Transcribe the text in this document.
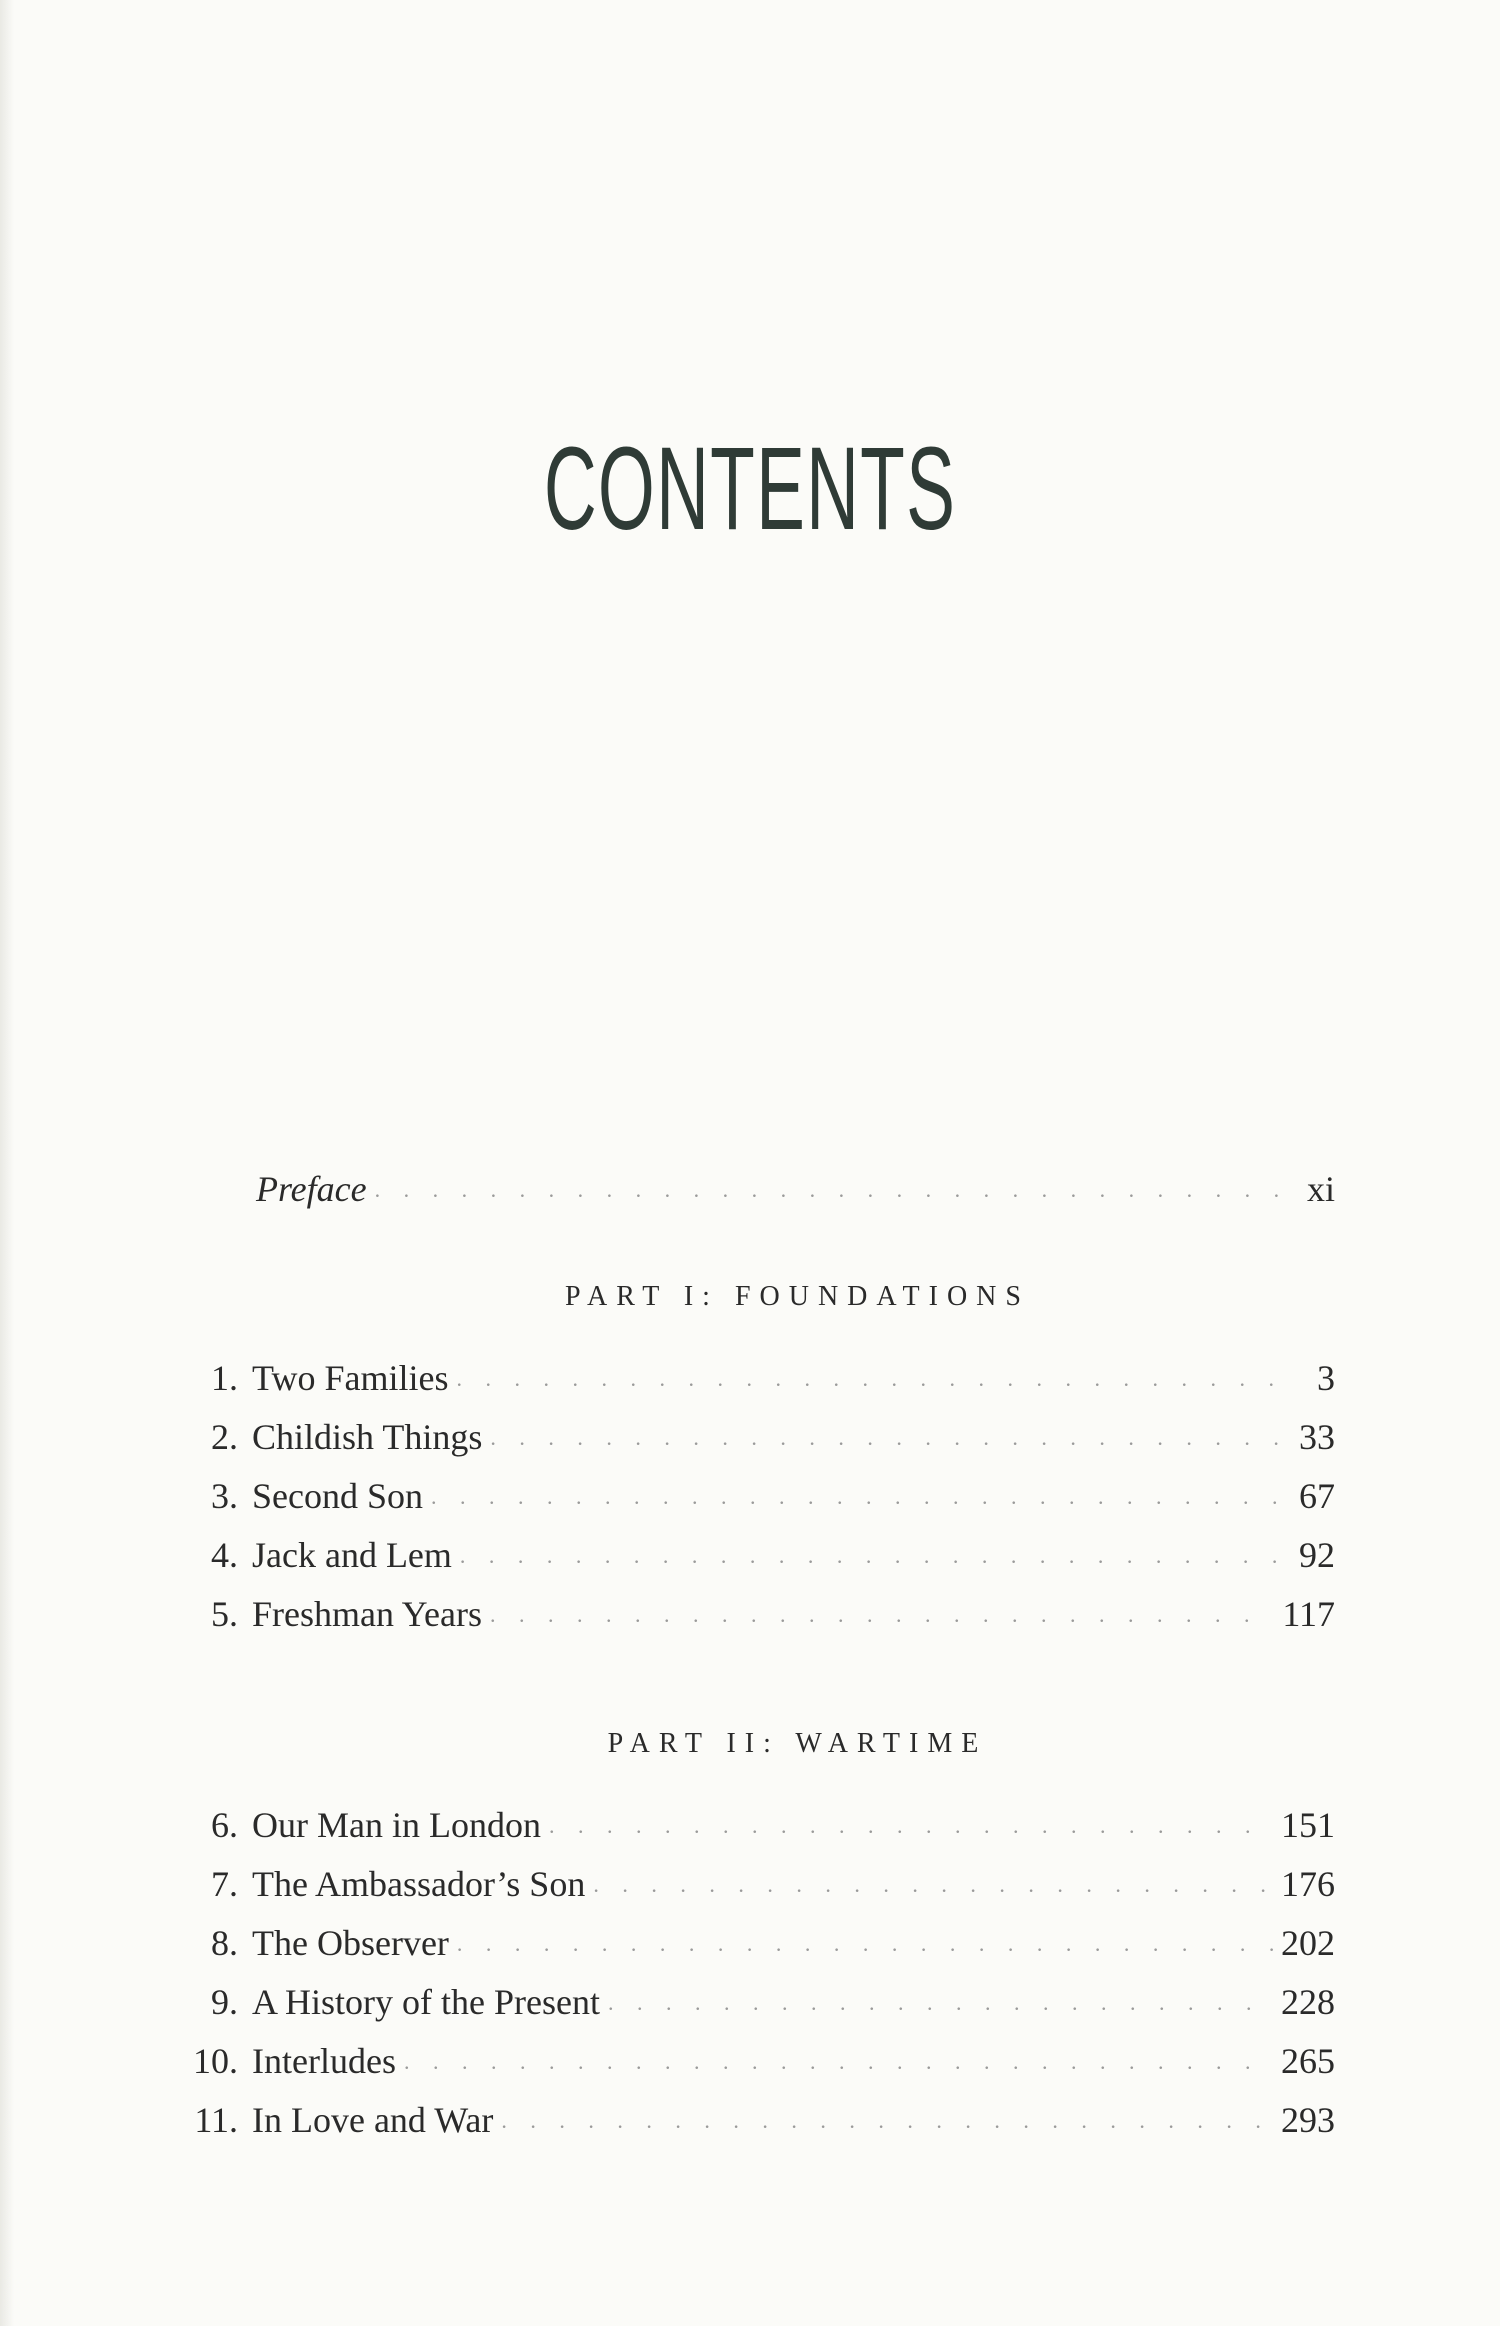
CONTENTS
Preface . . .	xi
PART I: FOUNDATIONS
1. Two Families . . .	3
2. Childish Things . . .	33
3. Second Son . . .	67
4. Jack and Lem . . .	92
5. Freshman Years . . .	117
PART II: WARTIME
6. Our Man in London . . .	151
7. The Ambassador’s Son . . .	176
8. The Observer . . .	202
9. A History of the Present . . .	228
10. Interludes . . .	265
11. In Love and War . . .	293
